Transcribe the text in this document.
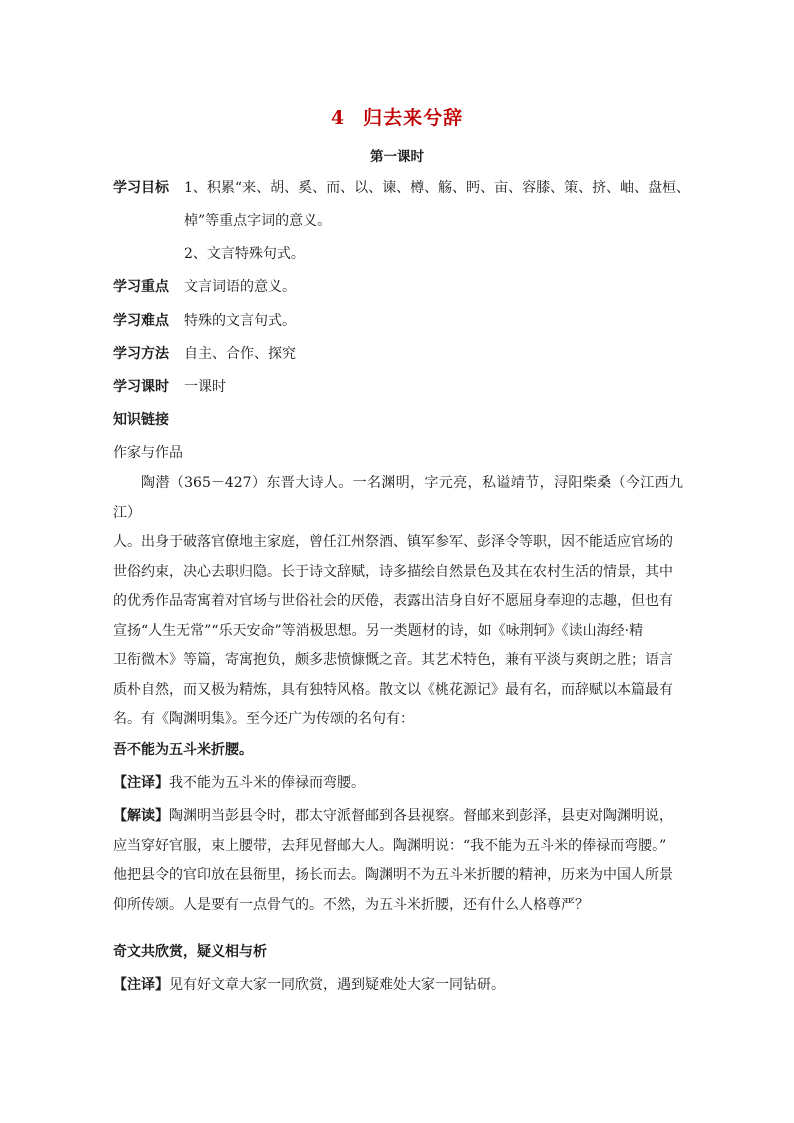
4 归去来兮辞
第一课时
学习目标 1、积累“来、胡、奚、而、以、谏、樽、觞、眄、亩、容膝、策、挤、岫、盘桓、
棹”等重点字词的意义。
2、文言特殊句式。
学习重点 文言词语的意义。
学习难点 特殊的文言句式。
学习方法 自主、合作、探究
学习课时 一课时
知识链接
作家与作品
陶潜（365－427）东晋大诗人。一名渊明，字元亮，私谥靖节，浔阳柴桑（今江西九江）
人。出身于破落官僚地主家庭，曾任江州祭酒、镇军参军、彭泽令等职，因不能适应官场的
世俗约束，决心去职归隐。长于诗文辞赋，诗多描绘自然景色及其在农村生活的情景，其中
的优秀作品寄寓着对官场与世俗社会的厌倦，表露出洁身自好不愿屈身奉迎的志趣，但也有
宣扬“人生无常”“乐天安命”等消极思想。另一类题材的诗，如《咏荆轲》《读山海经·精
卫衔微木》等篇，寄寓抱负，颇多悲愤慷慨之音。其艺术特色，兼有平淡与爽朗之胜；语言
质朴自然，而又极为精炼，具有独特风格。散文以《桃花源记》最有名，而辞赋以本篇最有
名。有《陶渊明集》。至今还广为传颂的名句有：
吾不能为五斗米折腰。
【注译】我不能为五斗米的俸禄而弯腰。
【解读】陶渊明当彭县令时，郡太守派督邮到各县视察。督邮来到彭泽，县吏对陶渊明说，
应当穿好官服，束上腰带，去拜见督邮大人。陶渊明说：“我不能为五斗米的俸禄而弯腰。”
他把县令的官印放在县衙里，扬长而去。陶渊明不为五斗米折腰的精神，历来为中国人所景
仰所传颂。人是要有一点骨气的。不然，为五斗米折腰，还有什么人格尊严？
奇文共欣赏，疑义相与析
【注译】见有好文章大家一同欣赏，遇到疑难处大家一同钻研。
